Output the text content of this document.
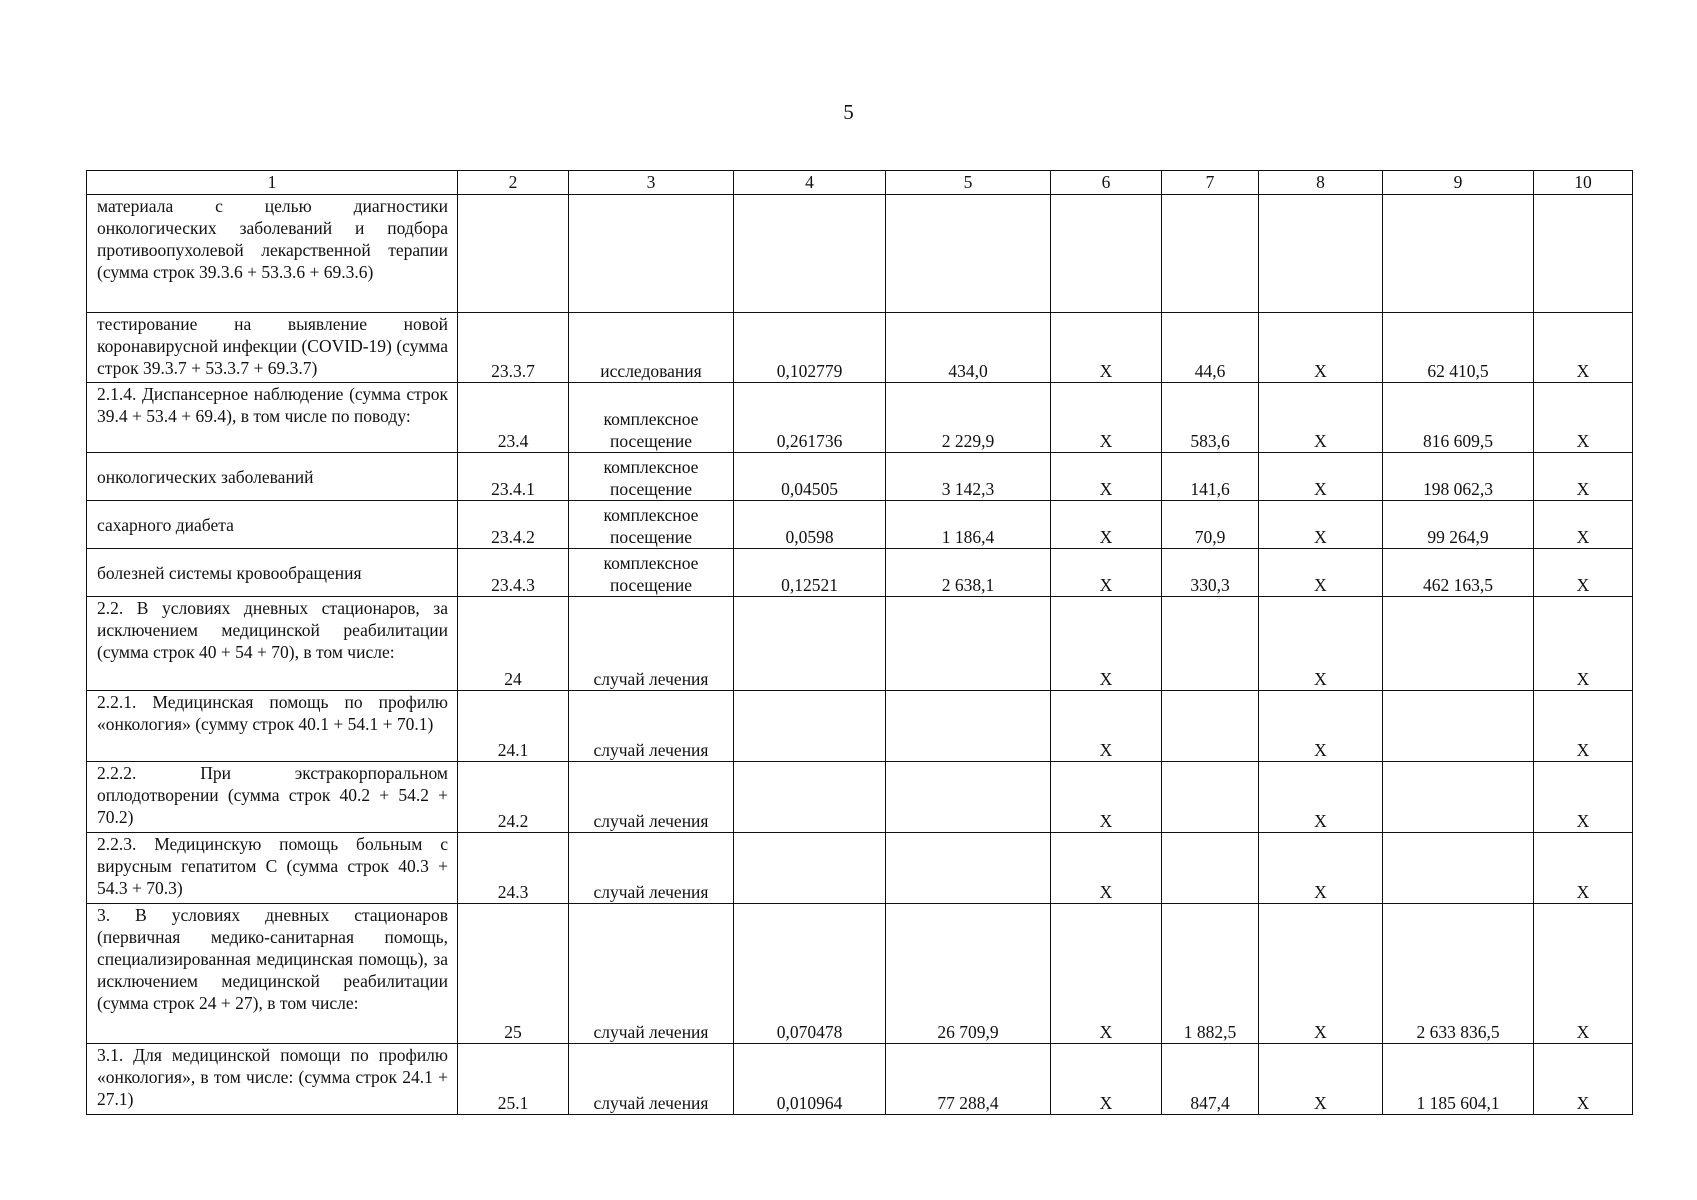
5
1	2	3	4	5	6	7	8	9	10
материала с целью диагностики онкологических заболеваний и подбора противоопухолевой лекарственной терапии (сумма строк 39.3.6 + 53.3.6 + 69.3.6)									
тестирование на выявление новой коронавирусной инфекции (COVID-19) (сумма строк 39.3.7 + 53.3.7 + 69.3.7)	23.3.7	исследования	0,102779	434,0	X	44,6	X	62 410,5	X
2.1.4. Диспансерное наблюдение (сумма строк 39.4 + 53.4 + 69.4), в том числе по поводу:	23.4	комплексное посещение	0,261736	2 229,9	X	583,6	X	816 609,5	X
онкологических заболеваний	23.4.1	комплексное посещение	0,04505	3 142,3	X	141,6	X	198 062,3	X
сахарного диабета	23.4.2	комплексное посещение	0,0598	1 186,4	X	70,9	X	99 264,9	X
болезней системы кровообращения	23.4.3	комплексное посещение	0,12521	2 638,1	X	330,3	X	462 163,5	X
2.2. В условиях дневных стационаров, за исключением медицинской реабилитации (сумма строк 40 + 54 + 70), в том числе:	24	случай лечения			X		X		X
2.2.1. Медицинская помощь по профилю «онкология» (сумму строк 40.1 + 54.1 + 70.1)	24.1	случай лечения			X		X		X
2.2.2. При экстракорпоральном оплодотворении (сумма строк 40.2 + 54.2 + 70.2)	24.2	случай лечения			X		X		X
2.2.3. Медицинскую помощь больным с вирусным гепатитом С (сумма строк 40.3 + 54.3 + 70.3)	24.3	случай лечения			X		X		X
3. В условиях дневных стационаров (первичная медико-санитарная помощь, специализированная медицинская помощь), за исключением медицинской реабилитации (сумма строк 24 + 27), в том числе:	25	случай лечения	0,070478	26 709,9	X	1 882,5	X	2 633 836,5	X
3.1. Для медицинской помощи по профилю «онкология», в том числе: (сумма строк 24.1 + 27.1)	25.1	случай лечения	0,010964	77 288,4	X	847,4	X	1 185 604,1	X
